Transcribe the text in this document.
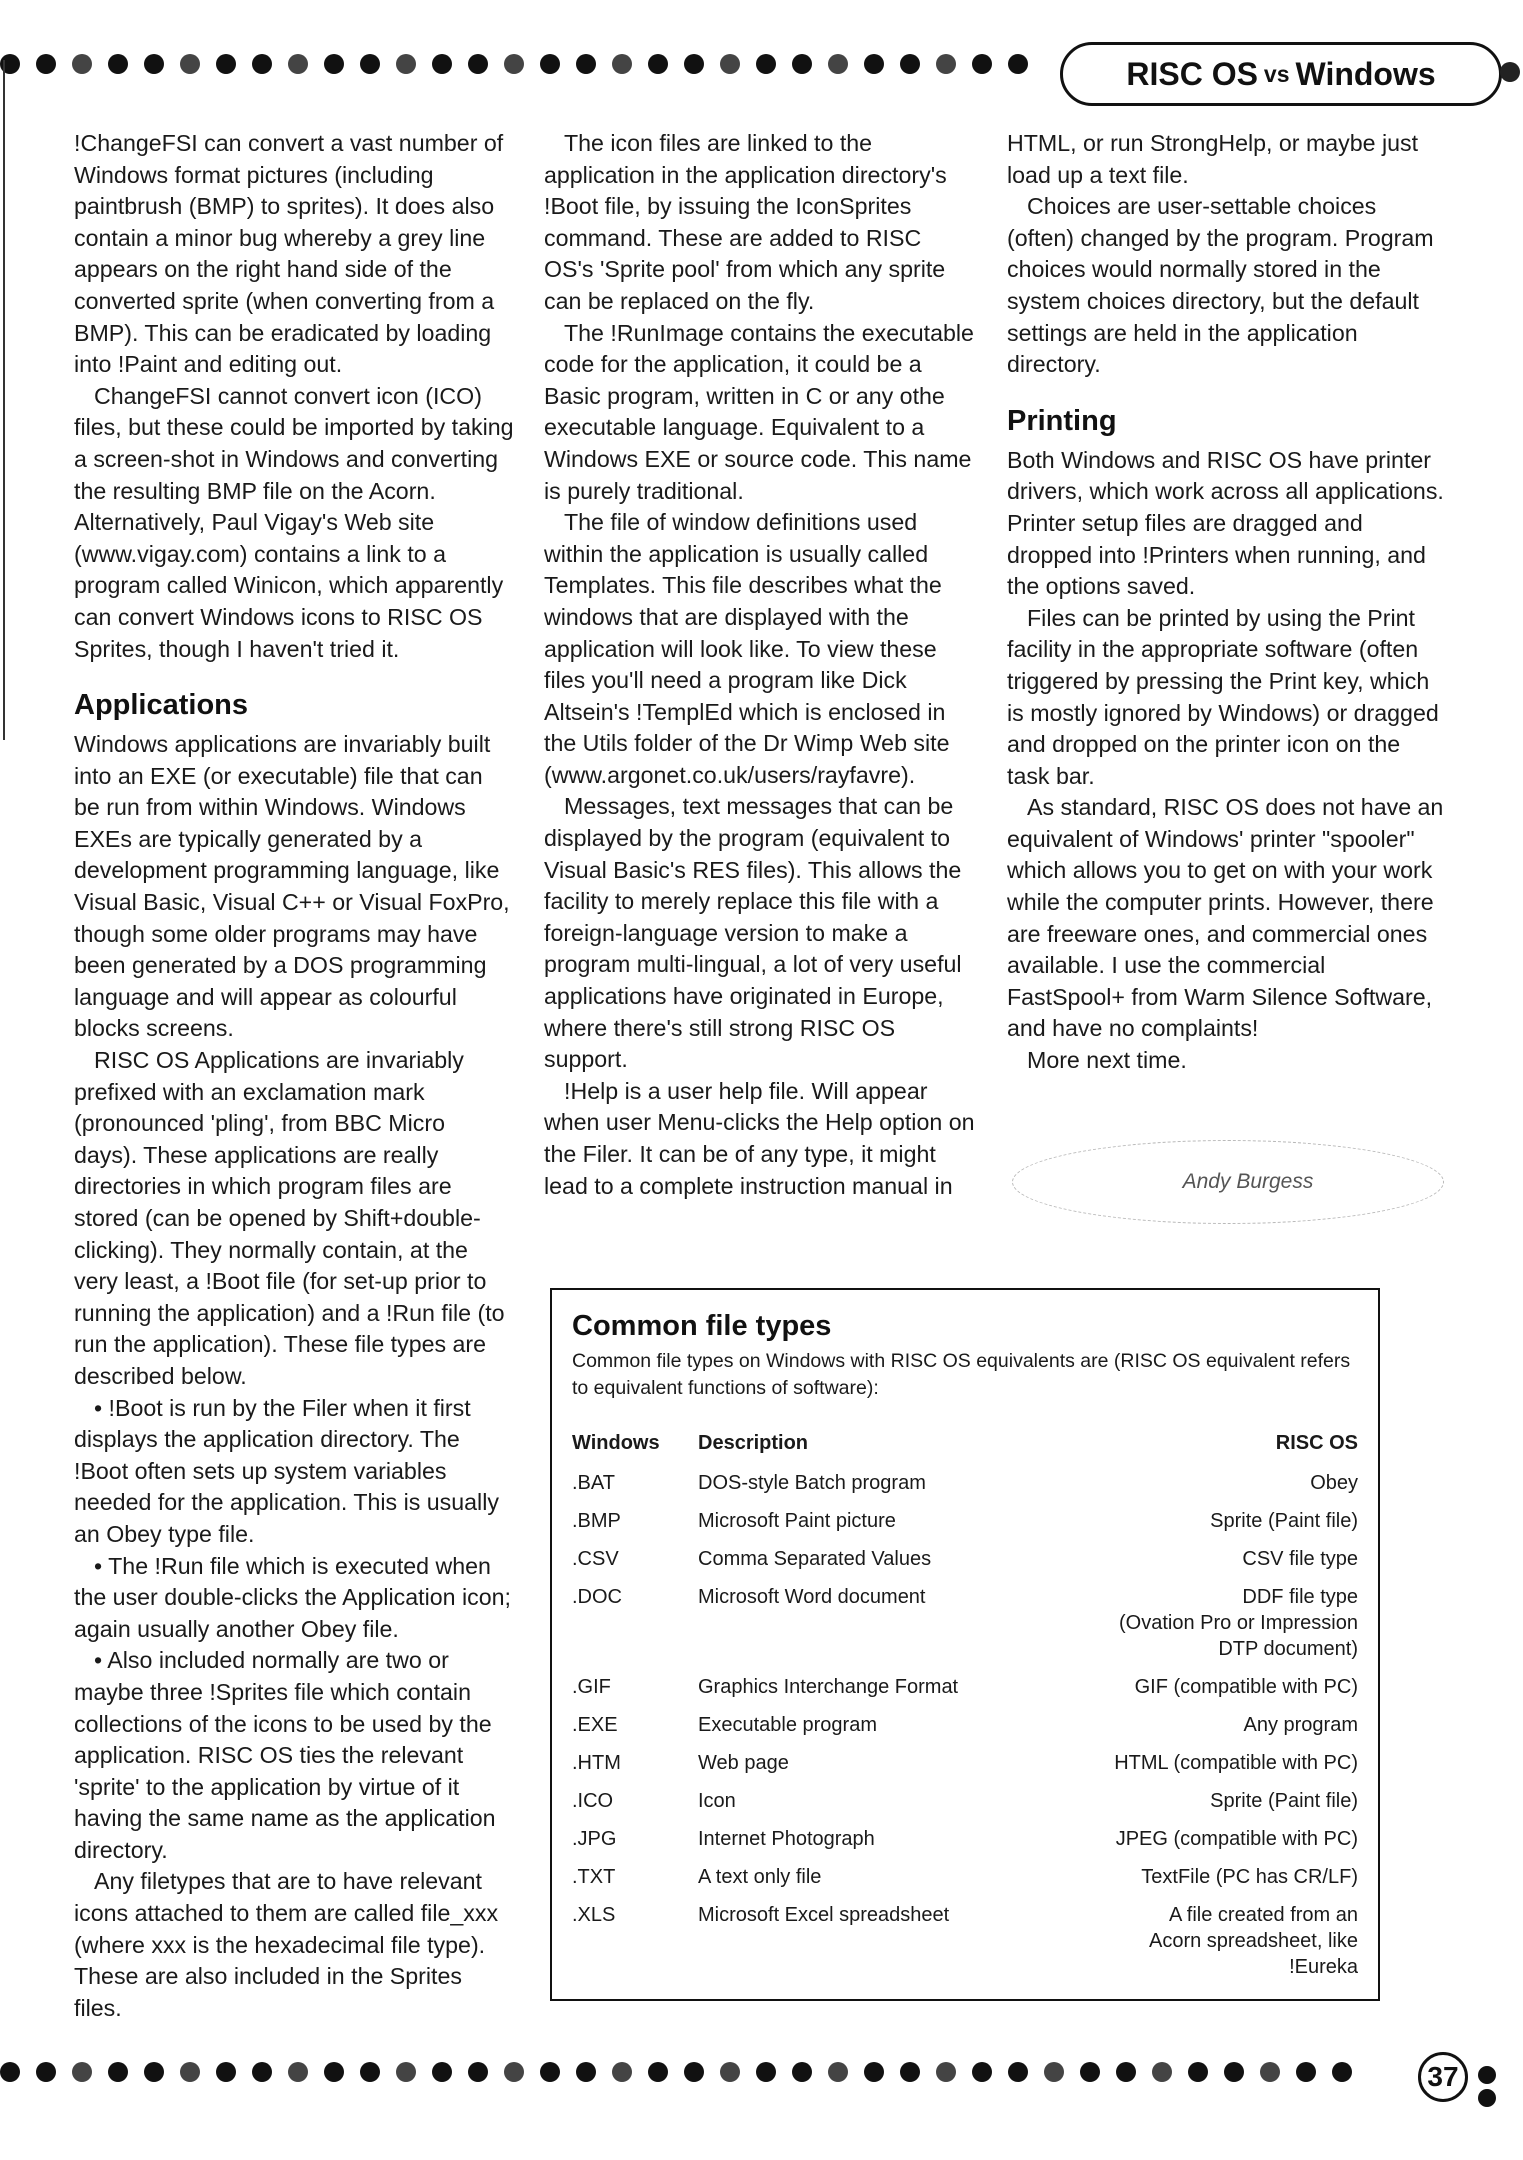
RISC OS vs Windows

!ChangeFSI can convert a vast number of Windows format pictures (including paintbrush (BMP) to sprites). It does also contain a minor bug whereby a grey line appears on the right hand side of the converted sprite (when converting from a BMP). This can be eradicated by loading into !Paint and editing out.

ChangeFSI cannot convert icon (ICO) files, but these could be imported by taking a screen-shot in Windows and converting the resulting BMP file on the Acorn. Alternatively, Paul Vigay's Web site (www.vigay.com) contains a link to a program called Winicon, which apparently can convert Windows icons to RISC OS Sprites, though I haven't tried it.

Applications

Windows applications are invariably built into an EXE (or executable) file that can be run from within Windows. Windows EXEs are typically generated by a development programming language, like Visual Basic, Visual C++ or Visual FoxPro, though some older programs may have been generated by a DOS programming language and will appear as colourful blocks screens.

RISC OS Applications are invariably prefixed with an exclamation mark (pronounced 'pling', from BBC Micro days). These applications are really directories in which program files are stored (can be opened by Shift+double-clicking). They normally contain, at the very least, a !Boot file (for set-up prior to running the application) and a !Run file (to run the application). These file types are described below.

• !Boot is run by the Filer when it first displays the application directory. The !Boot often sets up system variables needed for the application. This is usually an Obey type file.

• The !Run file which is executed when the user double-clicks the Application icon; again usually another Obey file.

• Also included normally are two or maybe three !Sprites file which contain collections of the icons to be used by the application. RISC OS ties the relevant 'sprite' to the application by virtue of it having the same name as the application directory.

Any filetypes that are to have relevant icons attached to them are called file_xxx (where xxx is the hexadecimal file type). These are also included in the Sprites files.

The icon files are linked to the application in the application directory's !Boot file, by issuing the IconSprites command. These are added to RISC OS's 'Sprite pool' from which any sprite can be replaced on the fly.

The !RunImage contains the executable code for the application, it could be a Basic program, written in C or any othe executable language. Equivalent to a Windows EXE or source code. This name is purely traditional.

The file of window definitions used within the application is usually called Templates. This file describes what the windows that are displayed with the application will look like. To view these files you'll need a program like Dick Altsein's !TemplEd which is enclosed in the Utils folder of the Dr Wimp Web site (www.argonet.co.uk/users/rayfavre).

Messages, text messages that can be displayed by the program (equivalent to Visual Basic's RES files). This allows the facility to merely replace this file with a foreign-language version to make a program multi-lingual, a lot of very useful applications have originated in Europe, where there's still strong RISC OS support.

!Help is a user help file. Will appear when user Menu-clicks the Help option on the Filer. It can be of any type, it might lead to a complete instruction manual in

HTML, or run StrongHelp, or maybe just load up a text file.

Choices are user-settable choices (often) changed by the program. Program choices would normally stored in the system choices directory, but the default settings are held in the application directory.

Printing

Both Windows and RISC OS have printer drivers, which work across all applications. Printer setup files are dragged and dropped into !Printers when running, and the options saved.

Files can be printed by using the Print facility in the appropriate software (often triggered by pressing the Print key, which is mostly ignored by Windows) or dragged and dropped on the printer icon on the task bar.

As standard, RISC OS does not have an equivalent of Windows' printer "spooler" which allows you to get on with your work while the computer prints. However, there are freeware ones, and commercial ones available. I use the commercial FastSpool+ from Warm Silence Software, and have no complaints!

More next time.

Andy Burgess
Common file types
Common file types on Windows with RISC OS equivalents are (RISC OS equivalent refers to equivalent functions of software):
Windows	Description	RISC OS
.BAT	DOS-style Batch program	Obey

.BMP	Microsoft Paint picture	Sprite (Paint file)

.CSV	Comma Separated Values	CSV file type

.DOC	Microsoft Word document	DDF file type
(Ovation Pro or Impression DTP document)

.GIF	Graphics Interchange Format	GIF (compatible with PC)

.EXE	Executable program	Any program

.HTM	Web page	HTML (compatible with PC)

.ICO	Icon	Sprite (Paint file)

.JPG	Internet Photograph	JPEG (compatible with PC)

.TXT	A text only file	TextFile (PC has CR/LF)

.XLS	Microsoft Excel spreadsheet	A file created from an
Acorn spreadsheet, like !Eureka
37
